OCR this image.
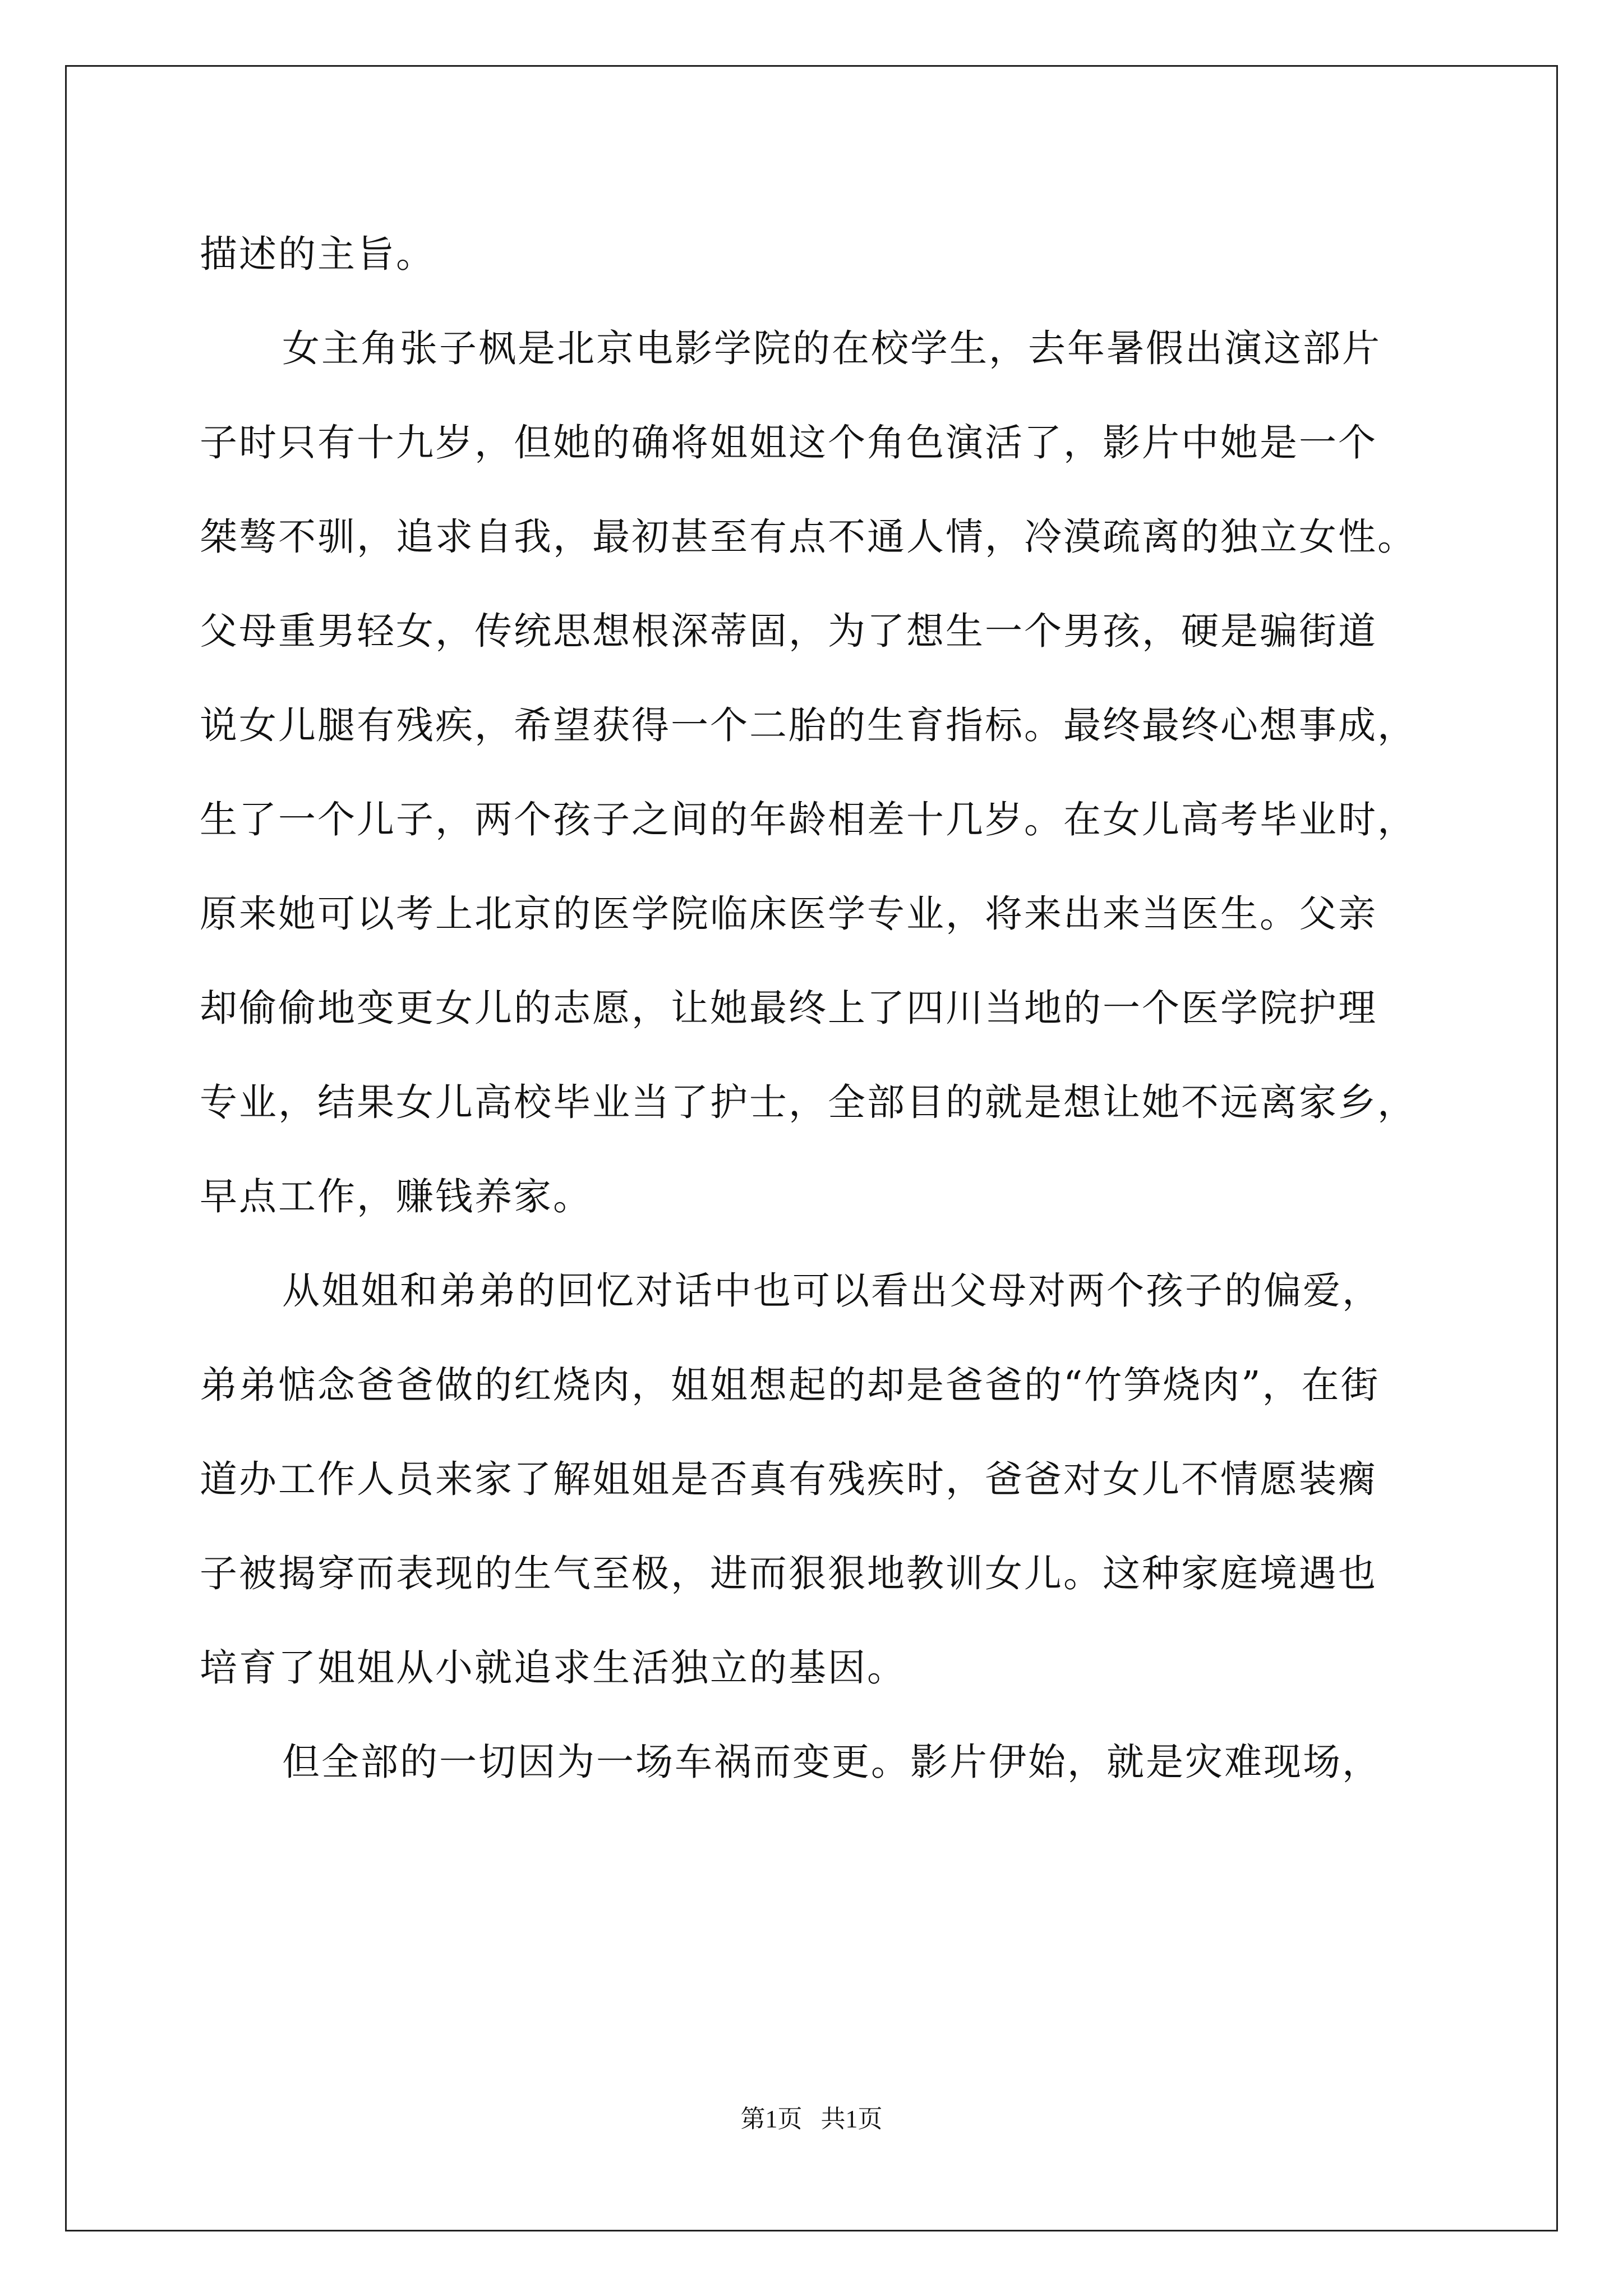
描述的主旨。
女主角张子枫是北京电影学院的在校学生，去年暑假出演这部片
子时只有十九岁，但她的确将姐姐这个角色演活了，影片中她是一个
桀骜不驯，追求自我，最初甚至有点不通人情，冷漠疏离的独立女性。
父母重男轻女，传统思想根深蒂固，为了想生一个男孩，硬是骗街道
说女儿腿有残疾，希望获得一个二胎的生育指标。最终最终心想事成，
生了一个儿子，两个孩子之间的年龄相差十几岁。在女儿高考毕业时，
原来她可以考上北京的医学院临床医学专业，将来出来当医生。父亲
却偷偷地变更女儿的志愿，让她最终上了四川当地的一个医学院护理
专业，结果女儿高校毕业当了护士，全部目的就是想让她不远离家乡，
早点工作，赚钱养家。
从姐姐和弟弟的回忆对话中也可以看出父母对两个孩子的偏爱，
弟弟惦念爸爸做的红烧肉，姐姐想起的却是爸爸的“竹笋烧肉”，在街
道办工作人员来家了解姐姐是否真有残疾时，爸爸对女儿不情愿装瘸
子被揭穿而表现的生气至极，进而狠狠地教训女儿。这种家庭境遇也
培育了姐姐从小就追求生活独立的基因。
但全部的一切因为一场车祸而变更。影片伊始，就是灾难现场，
第1页   共1页
